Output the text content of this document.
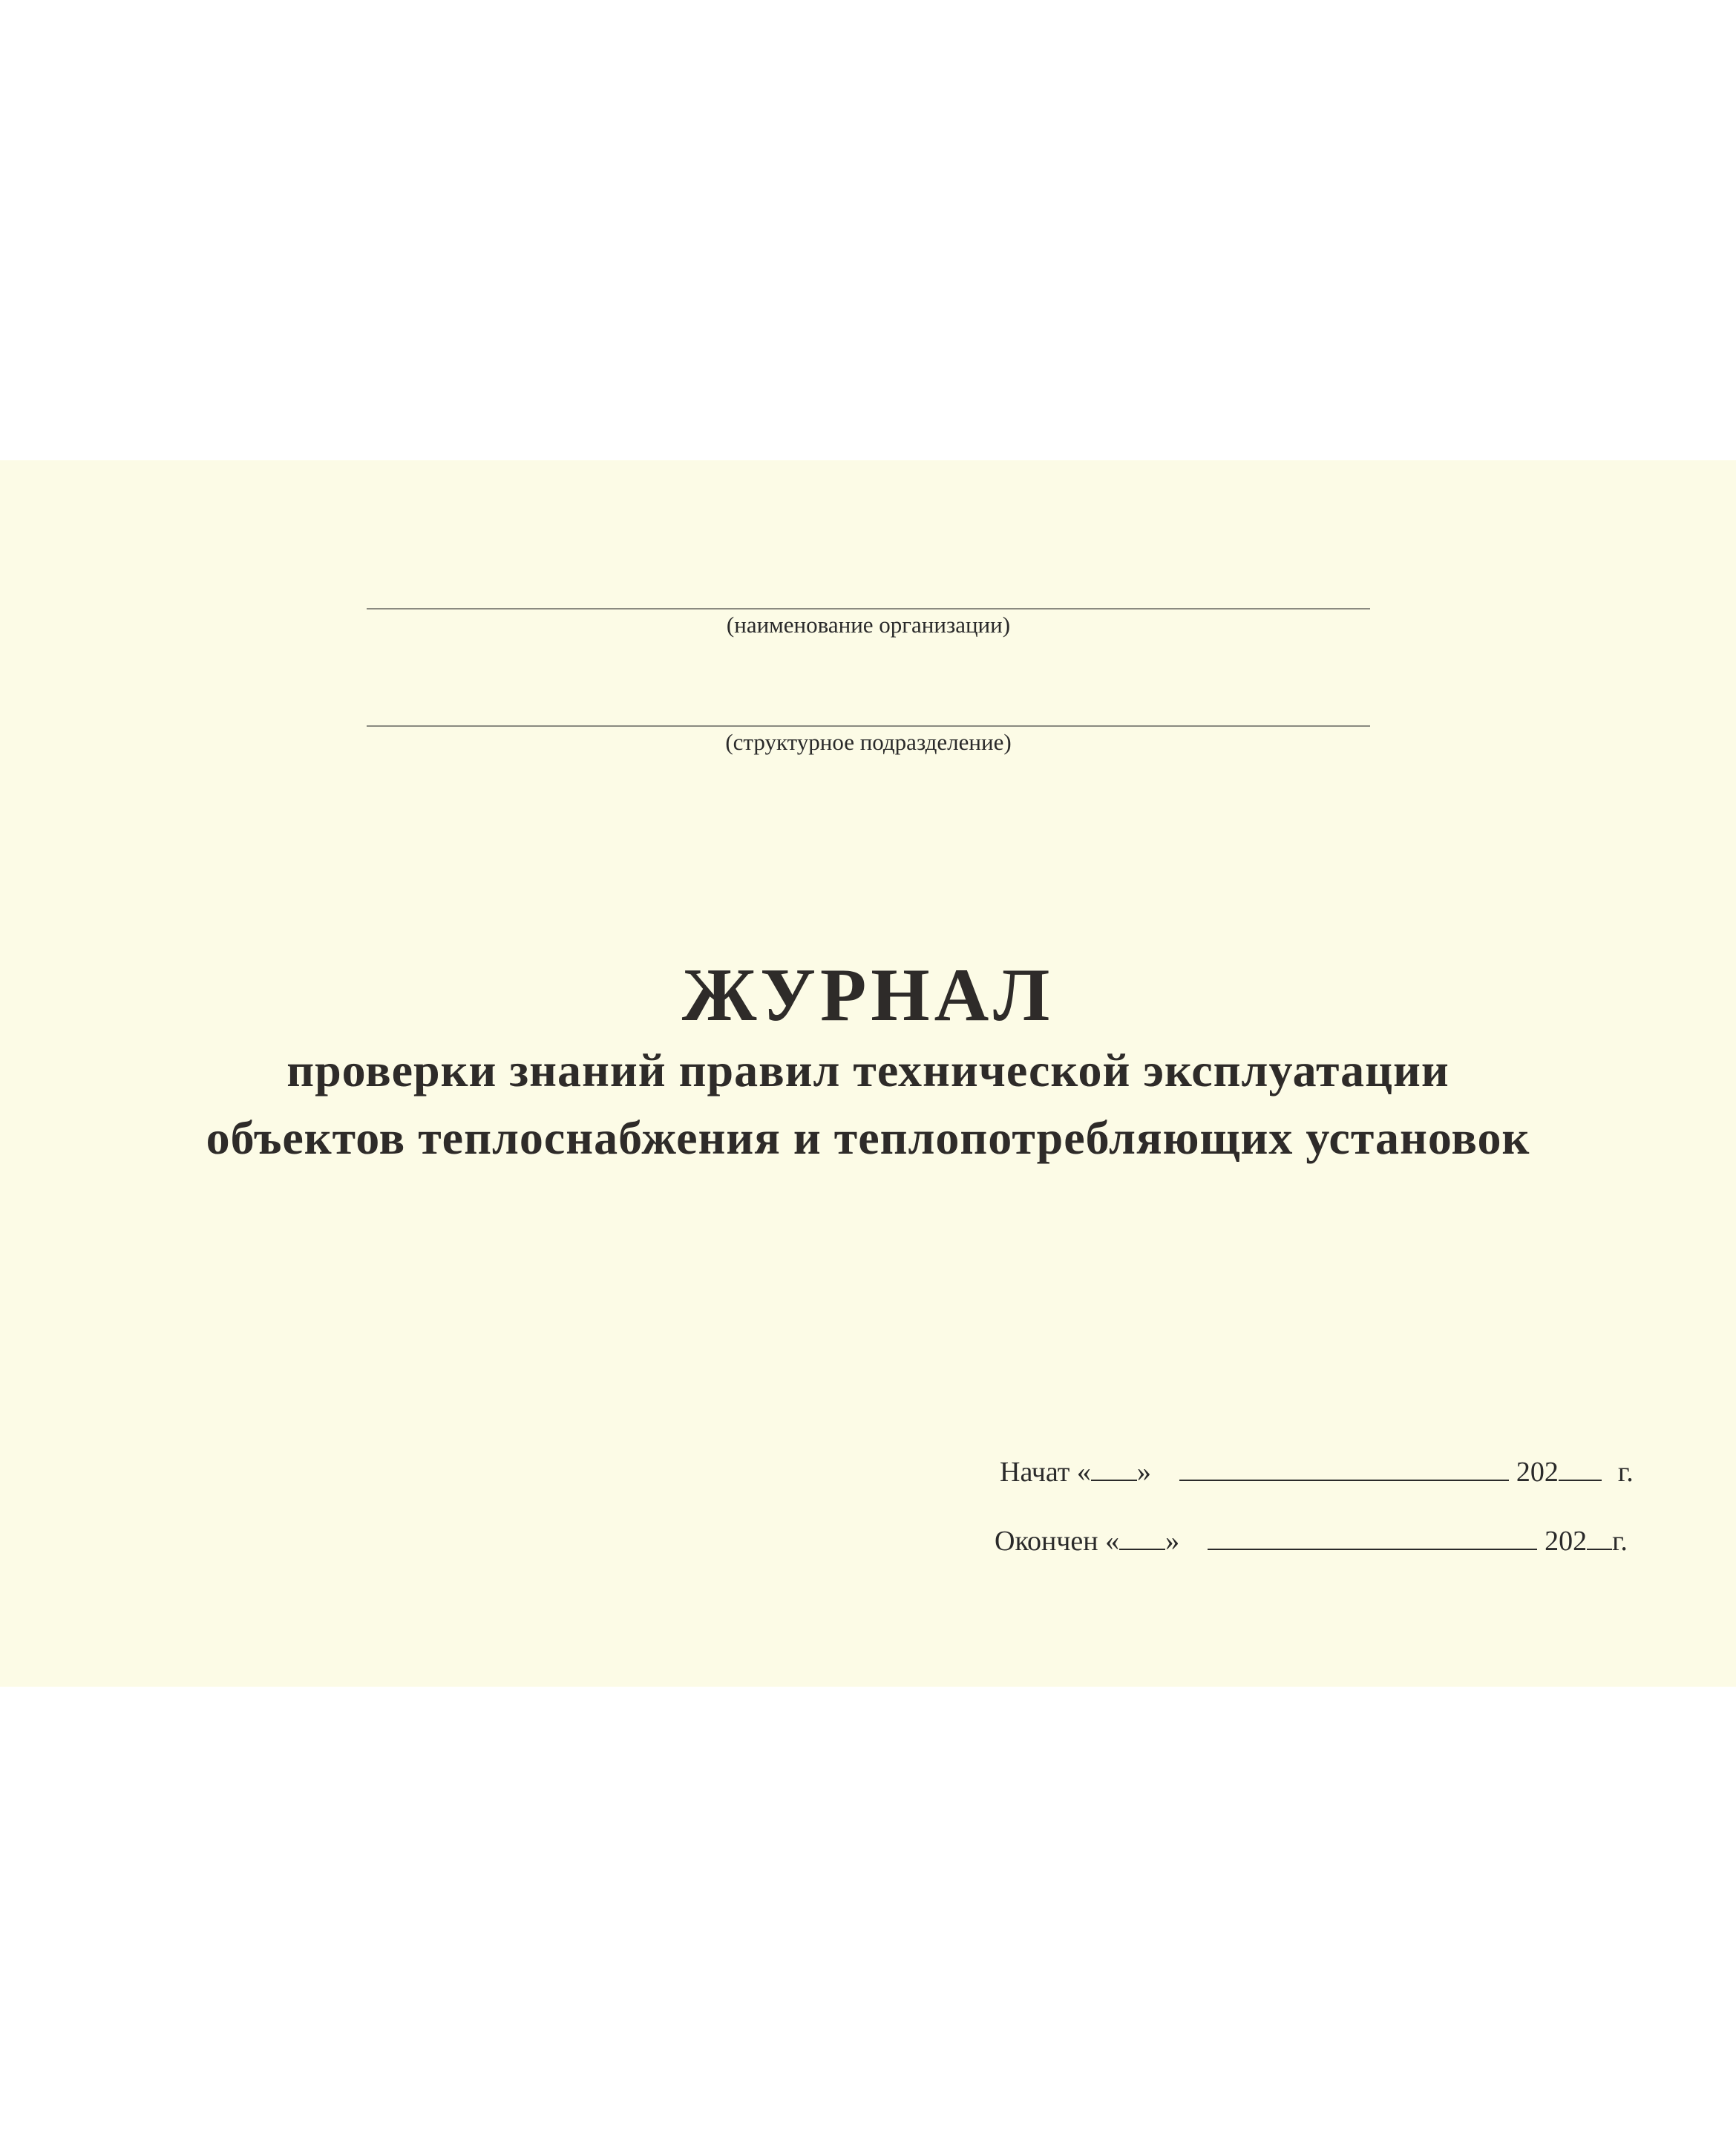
(наименование организации)
(структурное подразделение)
ЖУРНАЛ
проверки знаний правил технической эксплуатации
объектов теплоснабжения и теплопотребляющих установок
Начат « »	202 г.
Окончен « »	202 г.
